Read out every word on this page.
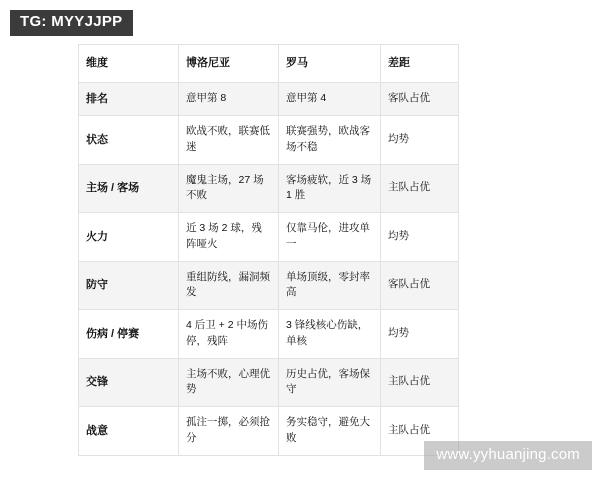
TG: MYYJJPP
维度	博洛尼亚	罗马	差距
排名	意甲第 8	意甲第 4	客队占优
状态	欧战不败，联赛低迷	联赛强势，欧战客场不稳	均势
主场 / 客场	魔鬼主场，27 场不败	客场疲软，近 3 场 1 胜	主队占优
火力	近 3 场 2 球，残阵哑火	仅靠马伦，进攻单一	均势
防守	重组防线，漏洞频发	单场顶级，零封率高	客队占优
伤病 / 停赛	4 后卫 + 2 中场伤停，残阵	3 锋线核心伤缺，单核	均势
交锋	主场不败，心理优势	历史占优，客场保守	主队占优
战意	孤注一掷，必须抢分	务实稳守，避免大败	主队占优
www.yyhuanjing.com
